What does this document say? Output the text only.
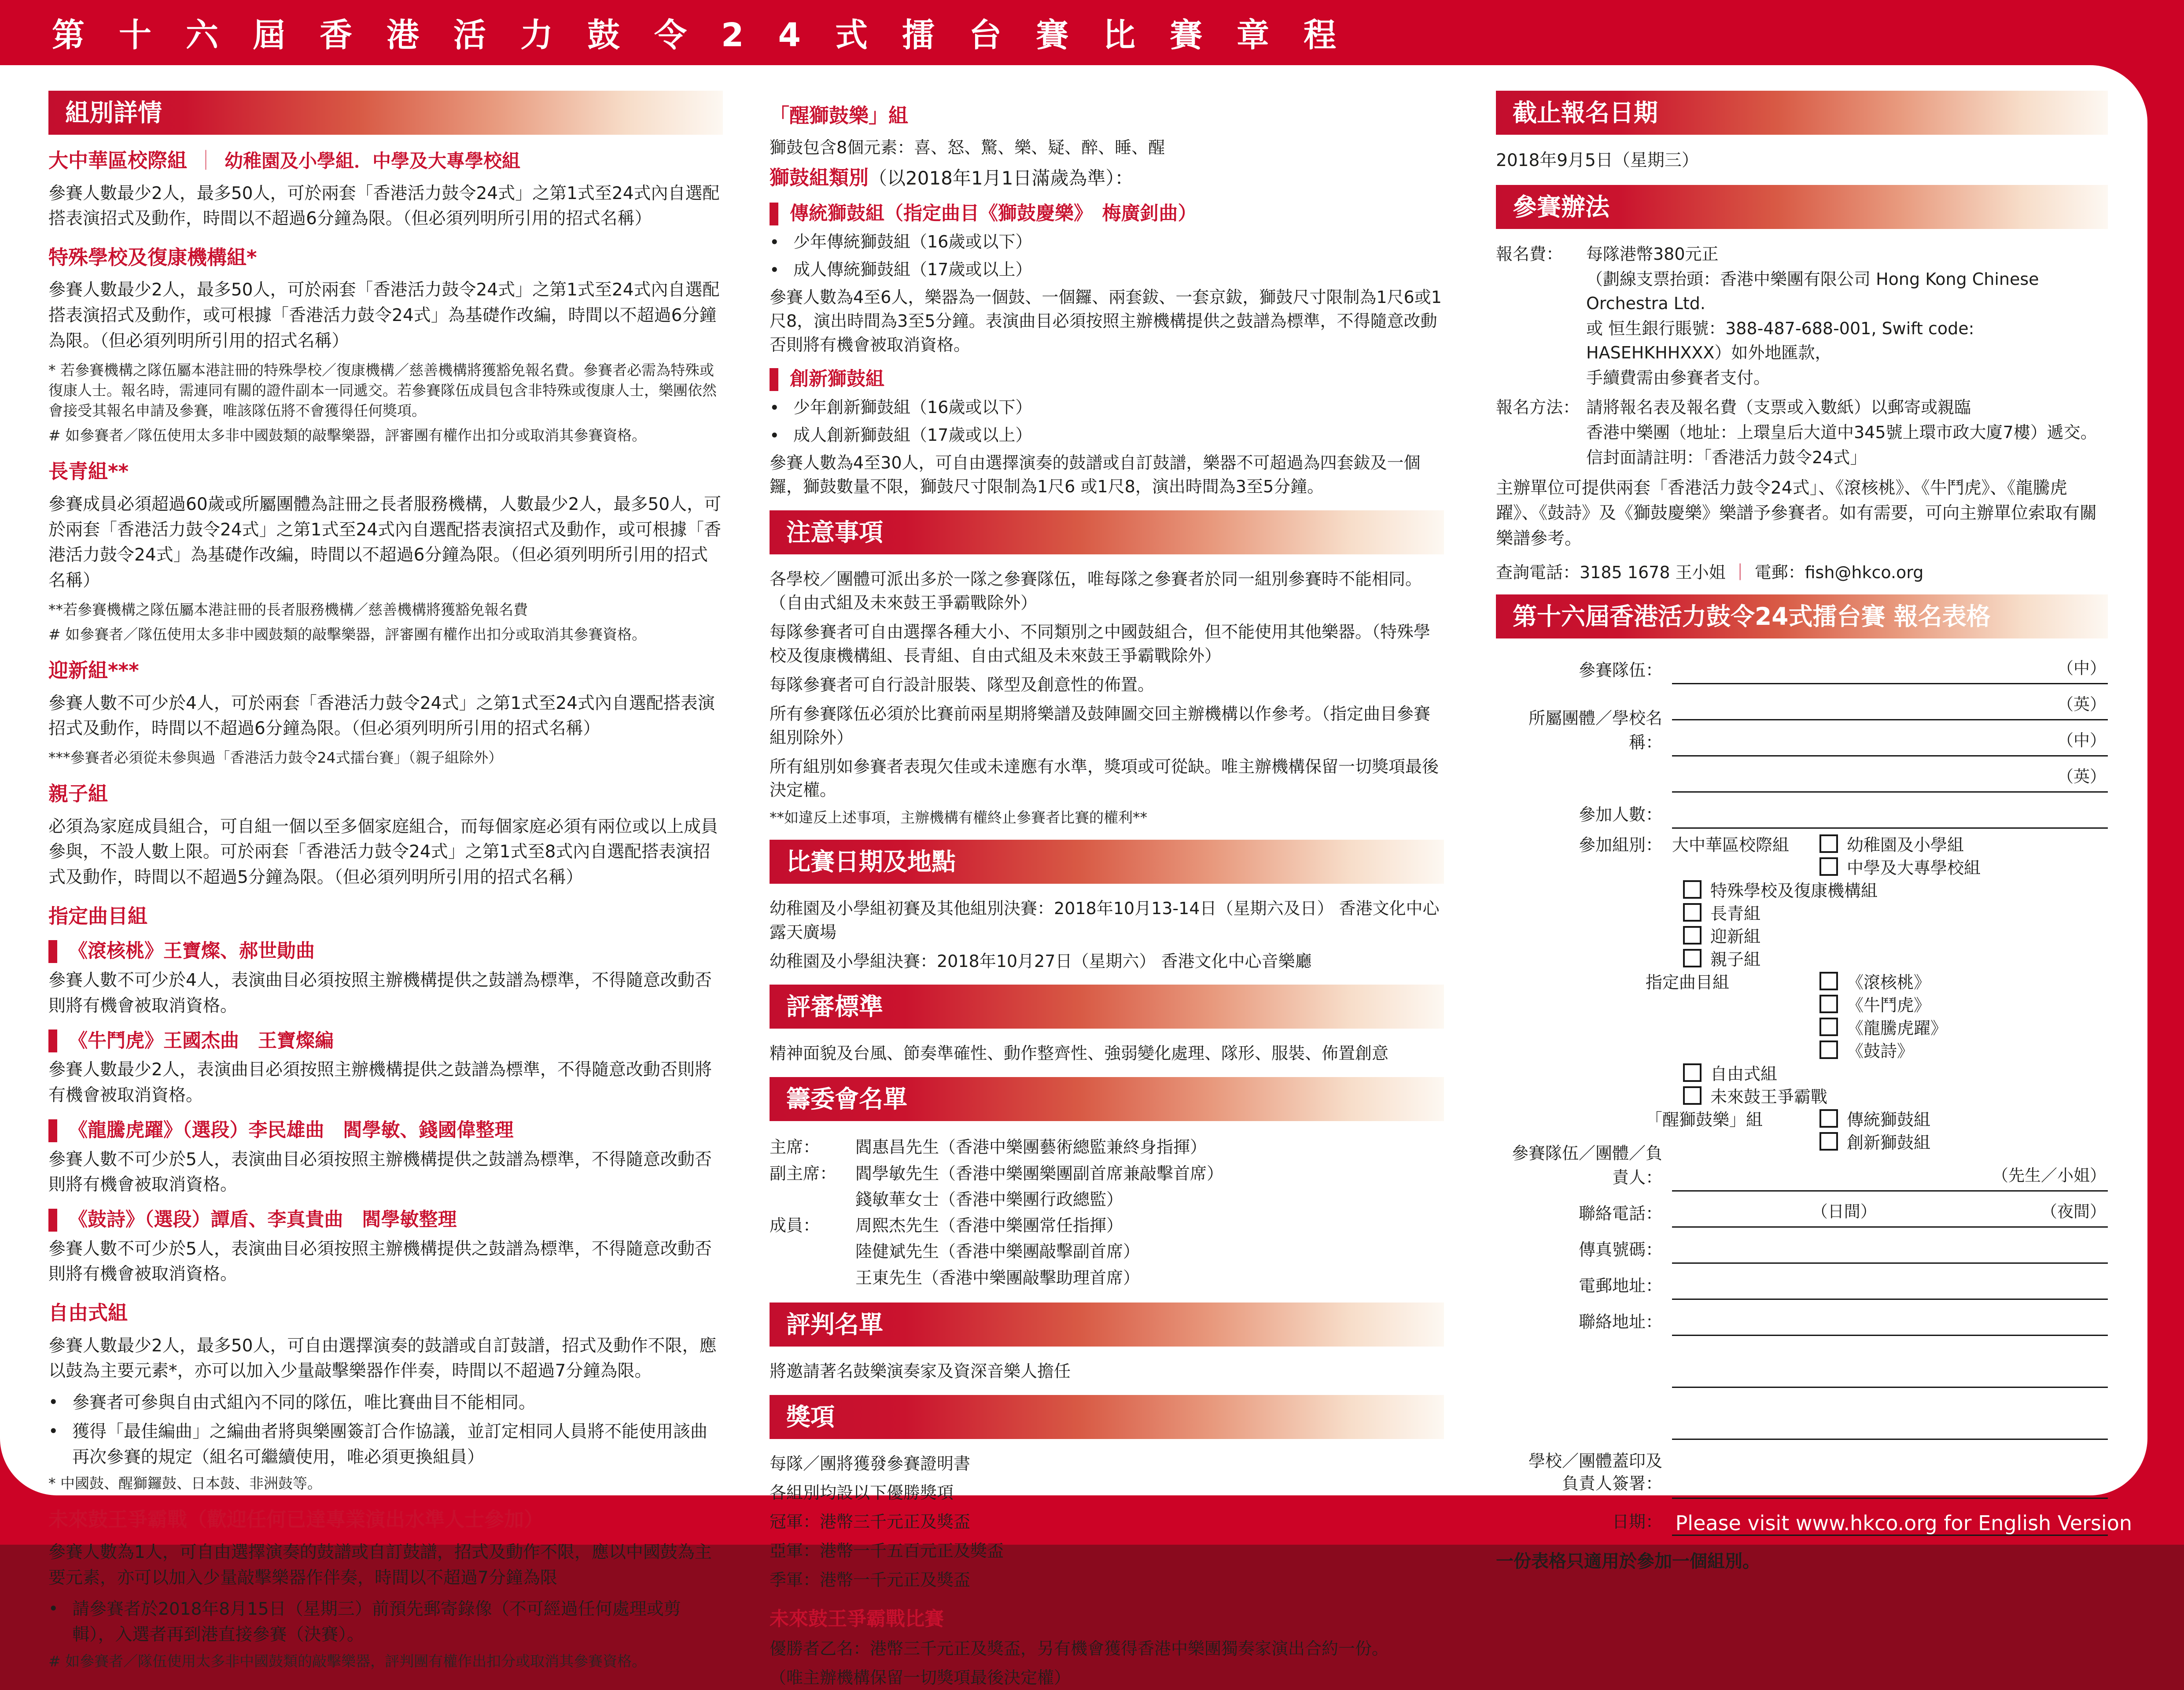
第十六屆香港活力鼓令24式擂台賽比賽章程
組別詳情
大中華區校際組 ｜ 幼稚園及小學組．中學及大專學校組

參賽人數最少2人，最多50人，可於兩套「香港活力鼓令24式」之第1式至24式內自選配搭表演招式及動作，時間以不超過6分鐘為限。（但必須列明所引用的招式名稱）

特殊學校及復康機構組*

參賽人數最少2人，最多50人，可於兩套「香港活力鼓令24式」之第1式至24式內自選配搭表演招式及動作，或可根據「香港活力鼓令24式」為基礎作改編，時間以不超過6分鐘為限。（但必須列明所引用的招式名稱）

* 若參賽機構之隊伍屬本港註冊的特殊學校／復康機構／慈善機構將獲豁免報名費。參賽者必需為特殊或復康人士。報名時，需連同有關的證件副本一同遞交。若參賽隊伍成員包含非特殊或復康人士，樂團依然會接受其報名申請及參賽，唯該隊伍將不會獲得任何獎項。
# 如參賽者／隊伍使用太多非中國鼓類的敲擊樂器，評審團有權作出扣分或取消其參賽資格。
長青組**

參賽成員必須超過60歲或所屬團體為註冊之長者服務機構，人數最少2人，最多50人，可於兩套「香港活力鼓令24式」之第1式至24式內自選配搭表演招式及動作，或可根據「香港活力鼓令24式」為基礎作改編，時間以不超過6分鐘為限。（但必須列明所引用的招式名稱）

**若參賽機構之隊伍屬本港註冊的長者服務機構／慈善機構將獲豁免報名費
# 如參賽者／隊伍使用太多非中國鼓類的敲擊樂器，評審團有權作出扣分或取消其參賽資格。
迎新組***

參賽人數不可少於4人，可於兩套「香港活力鼓令24式」之第1式至24式內自選配搭表演招式及動作，時間以不超過6分鐘為限。（但必須列明所引用的招式名稱）

***參賽者必須從未參與過「香港活力鼓令24式擂台賽」（親子組除外）
親子組

必須為家庭成員組合，可自組一個以至多個家庭組合，而每個家庭必須有兩位或以上成員參與，不設人數上限。可於兩套「香港活力鼓令24式」之第1式至8式內自選配搭表演招式及動作，時間以不超過5分鐘為限。（但必須列明所引用的招式名稱）

指定曲目組
《滾核桃》王寶燦、郝世勛曲

參賽人數不可少於4人，表演曲目必須按照主辦機構提供之鼓譜為標準，不得隨意改動否則將有機會被取消資格。

《牛鬥虎》王國杰曲　王寶燦編

參賽人數最少2人，表演曲目必須按照主辦機構提供之鼓譜為標準，不得隨意改動否則將有機會被取消資格。

《龍騰虎躍》（選段）李民雄曲　閻學敏、錢國偉整理

參賽人數不可少於5人，表演曲目必須按照主辦機構提供之鼓譜為標準，不得隨意改動否則將有機會被取消資格。

《鼓詩》（選段）譚盾、李真貴曲　閻學敏整理

參賽人數不可少於5人，表演曲目必須按照主辦機構提供之鼓譜為標準，不得隨意改動否則將有機會被取消資格。

自由式組

參賽人數最少2人，最多50人，可自由選擇演奏的鼓譜或自訂鼓譜，招式及動作不限，應以鼓為主要元素*，亦可以加入少量敲擊樂器作伴奏，時間以不超過7分鐘為限。

• 參賽者可參與自由式組內不同的隊伍，唯比賽曲目不能相同。

• 獲得「最佳編曲」之編曲者將與樂團簽訂合作協議，並訂定相同人員將不能使用該曲再次參賽的規定（組名可繼續使用，唯必須更換組員）

* 中國鼓、醒獅鑼鼓、日本鼓、非洲鼓等。
未來鼓王爭霸戰（歡迎任何已達專業演出水準人士參加）

參賽人數為1人，可自由選擇演奏的鼓譜或自訂鼓譜，招式及動作不限，應以中國鼓為主要元素，亦可以加入少量敲擊樂器作伴奏，時間以不超過7分鐘為限

• 請參賽者於2018年8月15日（星期三）前預先郵寄錄像（不可經過任何處理或剪輯），入選者再到港直接參賽（決賽）。

# 如參賽者／隊伍使用太多非中國鼓類的敲擊樂器，評判團有權作出扣分或取消其參賽資格。
「醒獅鼓樂」組

獅鼓包含8個元素：喜、怒、驚、樂、疑、醉、睡、醒

獅鼓組類別（以2018年1月1日滿歲為準）：
傳統獅鼓組（指定曲目《獅鼓慶樂》　梅廣釗曲）
• 少年傳統獅鼓組（16歲或以下）

• 成人傳統獅鼓組（17歲或以上）

參賽人數為4至6人，樂器為一個鼓、一個鑼、兩套鈸、一套京鈸，獅鼓尺寸限制為1尺6或1尺8，演出時間為3至5分鐘。表演曲目必須按照主辦機構提供之鼓譜為標準，不得隨意改動否則將有機會被取消資格。

創新獅鼓組
• 少年創新獅鼓組（16歲或以下）

• 成人創新獅鼓組（17歲或以上）

參賽人數為4至30人，可自由選擇演奏的鼓譜或自訂鼓譜，樂器不可超過為四套鈸及一個鑼，獅鼓數量不限，獅鼓尺寸限制為1尺6 或1尺8，演出時間為3至5分鐘。

注意事項

各學校／團體可派出多於一隊之參賽隊伍，唯每隊之參賽者於同一組別參賽時不能相同。（自由式組及未來鼓王爭霸戰除外）

每隊參賽者可自由選擇各種大小、不同類別之中國鼓組合，但不能使用其他樂器。（特殊學校及復康機構組、長青組、自由式組及未來鼓王爭霸戰除外）

每隊參賽者可自行設計服裝、隊型及創意性的佈置。

所有參賽隊伍必須於比賽前兩星期將樂譜及鼓陣圖交回主辦機構以作參考。（指定曲目參賽組別除外）

所有組別如參賽者表現欠佳或未達應有水準，獎項或可從缺。唯主辦機構保留一切獎項最後決定權。

**如違反上述事項，主辦機構有權終止參賽者比賽的權利**
比賽日期及地點

幼稚園及小學組初賽及其他組別決賽：2018年10月13-14日（星期六及日） 香港文化中心露天廣場

幼稚園及小學組決賽：2018年10月27日（星期六） 香港文化中心音樂廳

評審標準

精神面貌及台風、節奏準確性、動作整齊性、強弱變化處理、隊形、服裝、佈置創意

籌委會名單
主席：	閻惠昌先生（香港中樂團藝術總監兼終身指揮）
副主席：	閻學敏先生（香港中樂團樂團副首席兼敲擊首席）
錢敏華女士（香港中樂團行政總監）
成員：	周熙杰先生（香港中樂團常任指揮）
陸健斌先生（香港中樂團敲擊副首席）
王東先生（香港中樂團敲擊助理首席）
評判名單

將邀請著名鼓樂演奏家及資深音樂人擔任

獎項

每隊／團將獲發參賽證明書

各組別均設以下優勝獎項

冠軍：港幣三千元正及獎盃

亞軍：港幣一千五百元正及獎盃

季軍：港幣一千元正及獎盃

未來鼓王爭霸戰比賽

優勝者乙名：港幣三千元正及獎盃，另有機會獲得香港中樂團獨奏家演出合約一份。

（唯主辦機構保留一切獎項最後決定權）

截止報名日期

2018年9月5日（星期三）

參賽辦法
報名費：	每隊港幣380元正
（劃線支票抬頭：香港中樂團有限公司 Hong Kong Chinese Orchestra Ltd.
或 恒生銀行賬號：388-487-688-001, Swift code: HASEHKHHXXX）如外地匯款，
手續費需由參賽者支付。
報名方法： 請將報名表及報名費（支票或入數紙）以郵寄或親臨
香港中樂團（地址：上環皇后大道中345號上環市政大廈7樓）遞交。
信封面請註明：「香港活力鼓令24式」

主辦單位可提供兩套「香港活力鼓令24式」、《滾核桃》、《牛鬥虎》、《龍騰虎躍》、《鼓詩》及《獅鼓慶樂》樂譜予參賽者。如有需要，可向主辦單位索取有關樂譜參考。

查詢電話：3185 1678 王小姐 ｜ 電郵：fish@hkco.org
第十六屆香港活力鼓令24式擂台賽 報名表格
參賽隊伍：	（中）
（英）
所屬團體／學校名稱：	（中）
（英）
參加人數：
參加組別： 大中華區校際組	幼稚園及小學組
中學及大專學校組
特殊學校及復康機構組
長青組
迎新組
親子組
指定曲目組	《滾核桃》
《牛鬥虎》
《龍騰虎躍》
《鼓詩》
自由式組
未來鼓王爭霸戰
「醒獅鼓樂」組	傳統獅鼓組
創新獅鼓組
參賽隊伍／團體／負責人：	（先生／小姐）
聯絡電話：	（日間）	（夜間）
傳真號碼：
電郵地址：
聯絡地址：
學校／團體蓋印及
負責人簽署：
日期：
一份表格只適用於參加一個組別。
Please visit www.hkco.org for English Version
